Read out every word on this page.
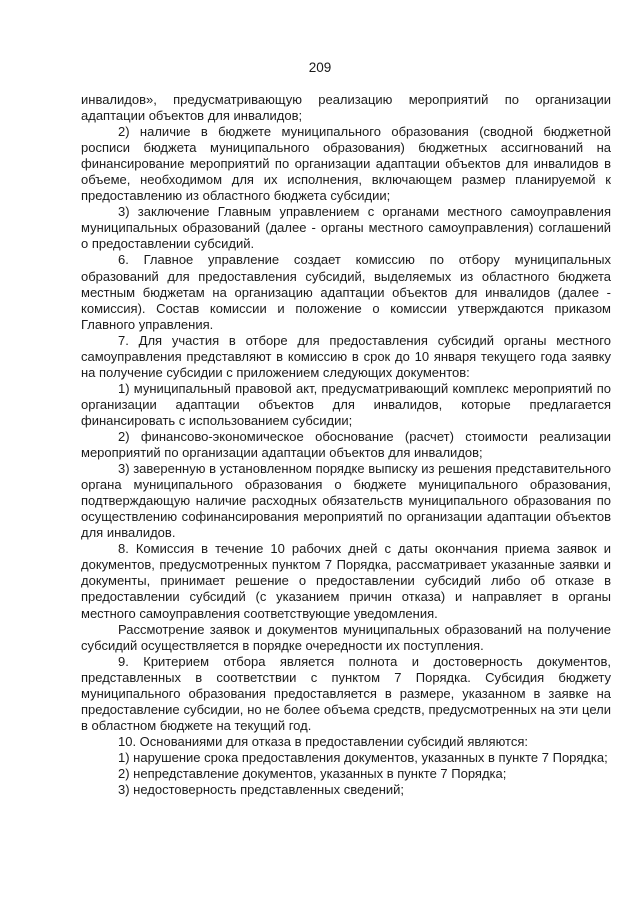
209

инвалидов», предусматривающую реализацию мероприятий по организации адаптации объектов для инвалидов;

2) наличие в бюджете муниципального образования (сводной бюджетной росписи бюджета муниципального образования) бюджетных ассигнований на финансирование мероприятий по организации адаптации объектов для инвалидов в объеме, необходимом для их исполнения, включающем размер планируемой к предоставлению из областного бюджета субсидии;

3) заключение Главным управлением с органами местного самоуправления муниципальных образований (далее - органы местного самоуправления) соглашений о предоставлении субсидий.

6. Главное управление создает комиссию по отбору муниципальных образований для предоставления субсидий, выделяемых из областного бюджета местным бюджетам на организацию адаптации объектов для инвалидов (далее - комиссия). Состав комиссии и положение о комиссии утверждаются приказом Главного управления.

7. Для участия в отборе для предоставления субсидий органы местного самоуправления представляют в комиссию в срок до 10 января текущего года заявку на получение субсидии с приложением следующих документов:

1) муниципальный правовой акт, предусматривающий комплекс мероприятий по организации адаптации объектов для инвалидов, которые предлагается финансировать с использованием субсидии;

2) финансово-экономическое обоснование (расчет) стоимости реализации мероприятий по организации адаптации объектов для инвалидов;

3) заверенную в установленном порядке выписку из решения представительного органа муниципального образования о бюджете муниципального образования, подтверждающую наличие расходных обязательств муниципального образования по осуществлению софинансирования мероприятий по организации адаптации объектов для инвалидов.

8. Комиссия в течение 10 рабочих дней с даты окончания приема заявок и документов, предусмотренных пунктом 7 Порядка, рассматривает указанные заявки и документы, принимает решение о предоставлении субсидий либо об отказе в предоставлении субсидий (с указанием причин отказа) и направляет в органы местного самоуправления соответствующие уведомления.

Рассмотрение заявок и документов муниципальных образований на получение субсидий осуществляется в порядке очередности их поступления.

9. Критерием отбора является полнота и достоверность документов, представленных в соответствии с пунктом 7 Порядка. Субсидия бюджету муниципального образования предоставляется в размере, указанном в заявке на предоставление субсидии, но не более объема средств, предусмотренных на эти цели в областном бюджете на текущий год.

10. Основаниями для отказа в предоставлении субсидий являются:

1) нарушение срока предоставления документов, указанных в пункте 7 Порядка;

2) непредставление документов, указанных в пункте 7 Порядка;

3) недостоверность представленных сведений;
